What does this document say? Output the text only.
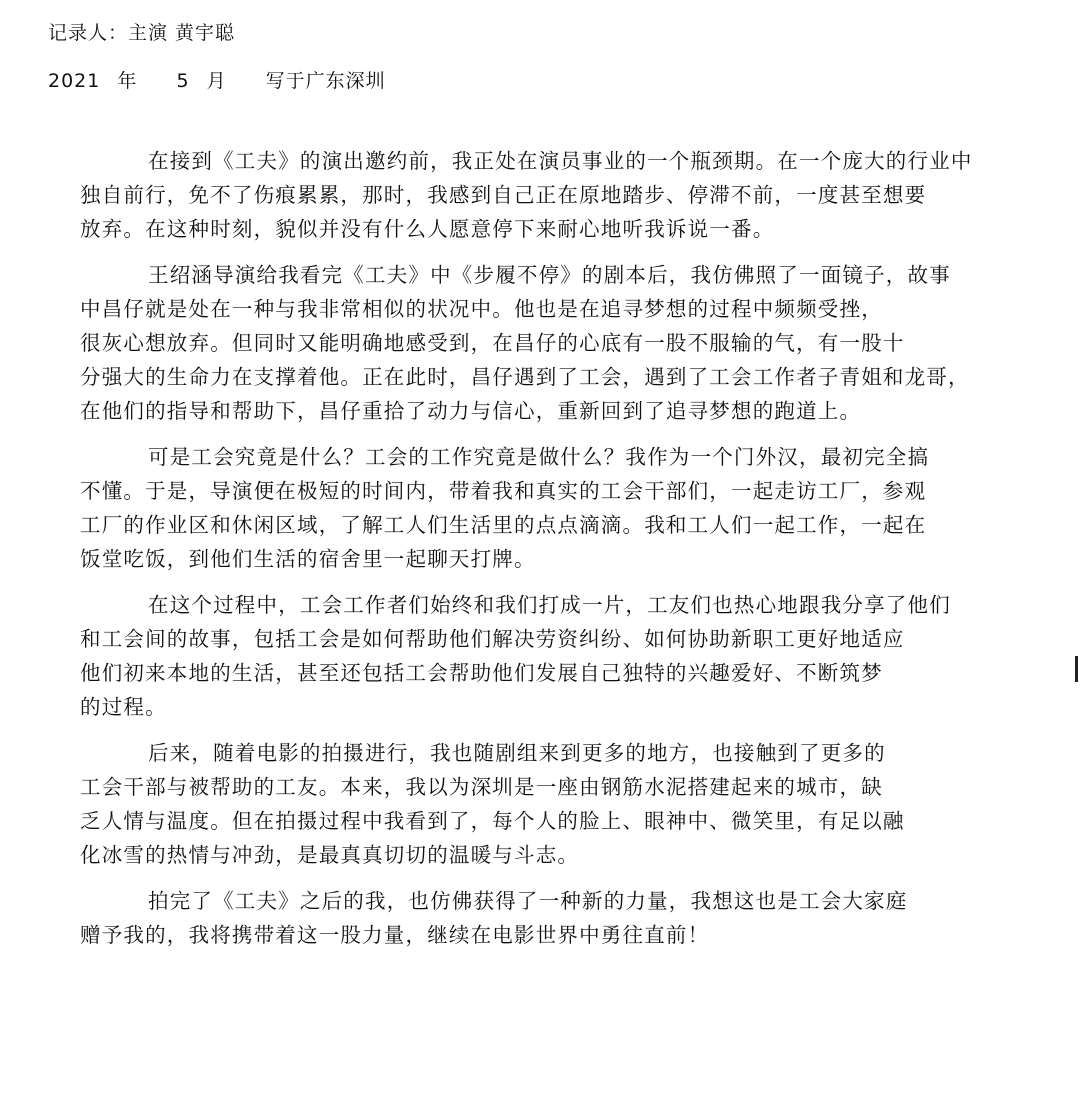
记录人：主演 黄宇聪
2021 年 5 月 写于广东深圳
在接到《工夫》的演出邀约前，我正处在演员事业的一个瓶颈期。在一个庞大的行业中
独自前行，免不了伤痕累累，那时，我感到自己正在原地踏步、停滞不前，一度甚至想要
放弃。在这种时刻，貌似并没有什么人愿意停下来耐心地听我诉说一番。
王绍涵导演给我看完《工夫》中《步履不停》的剧本后，我仿佛照了一面镜子，故事
中昌仔就是处在一种与我非常相似的状况中。他也是在追寻梦想的过程中频频受挫，
很灰心想放弃。但同时又能明确地感受到，在昌仔的心底有一股不服输的气，有一股十
分强大的生命力在支撑着他。正在此时，昌仔遇到了工会，遇到了工会工作者子青姐和龙哥，
在他们的指导和帮助下，昌仔重拾了动力与信心，重新回到了追寻梦想的跑道上。
可是工会究竟是什么？工会的工作究竟是做什么？我作为一个门外汉，最初完全搞
不懂。于是，导演便在极短的时间内，带着我和真实的工会干部们，一起走访工厂，参观
工厂的作业区和休闲区域，了解工人们生活里的点点滴滴。我和工人们一起工作，一起在
饭堂吃饭，到他们生活的宿舍里一起聊天打牌。
在这个过程中，工会工作者们始终和我们打成一片，工友们也热心地跟我分享了他们
和工会间的故事，包括工会是如何帮助他们解决劳资纠纷、如何协助新职工更好地适应
他们初来本地的生活，甚至还包括工会帮助他们发展自己独特的兴趣爱好、不断筑梦
的过程。
后来，随着电影的拍摄进行，我也随剧组来到更多的地方，也接触到了更多的
工会干部与被帮助的工友。本来，我以为深圳是一座由钢筋水泥搭建起来的城市，缺
乏人情与温度。但在拍摄过程中我看到了，每个人的脸上、眼神中、微笑里，有足以融
化冰雪的热情与冲劲，是最真真切切的温暖与斗志。
拍完了《工夫》之后的我，也仿佛获得了一种新的力量，我想这也是工会大家庭
赠予我的，我将携带着这一股力量，继续在电影世界中勇往直前！
